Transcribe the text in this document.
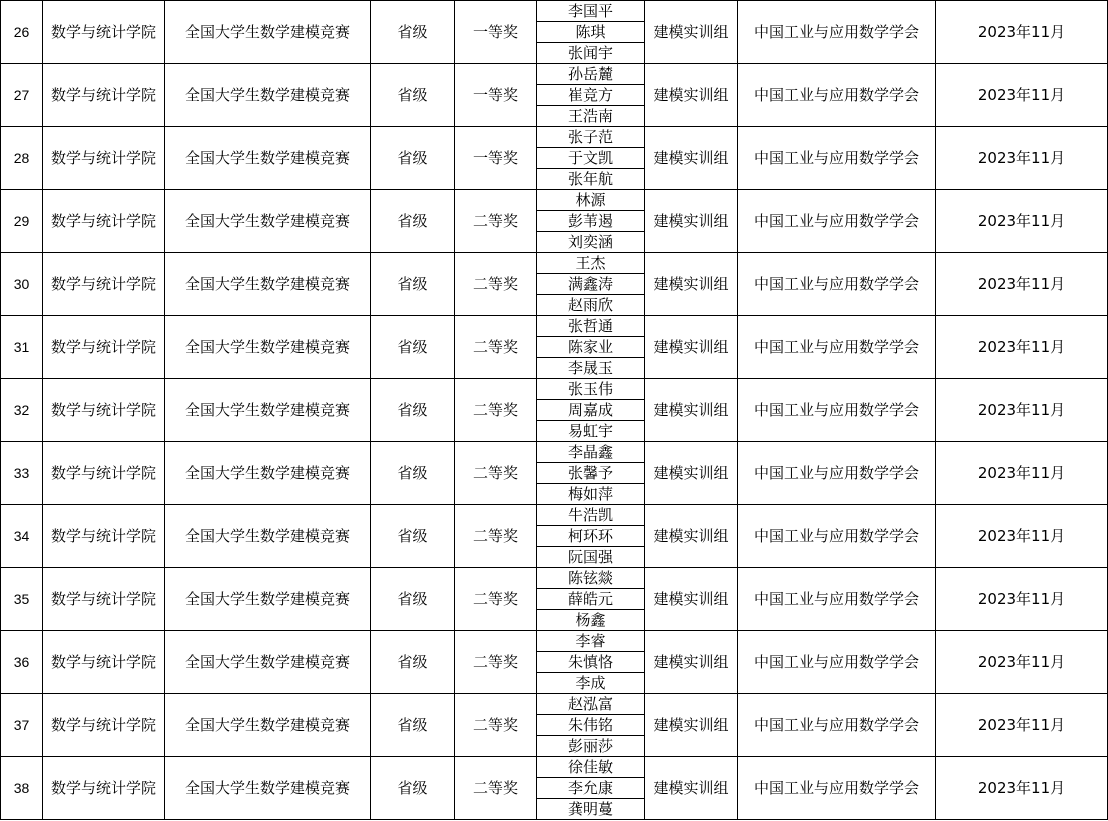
26	数学与统计学院	全国大学生数学建模竞赛	省级	一等奖	李国平	建模实训组	中国工业与应用数学学会	2023年11月
					陈琪			
					张闻宇			
27	数学与统计学院	全国大学生数学建模竞赛	省级	一等奖	孙岳麓	建模实训组	中国工业与应用数学学会	2023年11月
					崔竞方			
					王浩南			
28	数学与统计学院	全国大学生数学建模竞赛	省级	一等奖	张子范	建模实训组	中国工业与应用数学学会	2023年11月
					于文凯			
					张年航			
29	数学与统计学院	全国大学生数学建模竞赛	省级	二等奖	林源	建模实训组	中国工业与应用数学学会	2023年11月
					彭苇遏			
					刘奕涵			
30	数学与统计学院	全国大学生数学建模竞赛	省级	二等奖	王杰	建模实训组	中国工业与应用数学学会	2023年11月
					满鑫涛			
					赵雨欣			
31	数学与统计学院	全国大学生数学建模竞赛	省级	二等奖	张哲通	建模实训组	中国工业与应用数学学会	2023年11月
					陈家业			
					李晟玉			
32	数学与统计学院	全国大学生数学建模竞赛	省级	二等奖	张玉伟	建模实训组	中国工业与应用数学学会	2023年11月
					周嘉成			
					易虹宇			
33	数学与统计学院	全国大学生数学建模竞赛	省级	二等奖	李晶鑫	建模实训组	中国工业与应用数学学会	2023年11月
					张馨予			
					梅如萍			
34	数学与统计学院	全国大学生数学建模竞赛	省级	二等奖	牛浩凯	建模实训组	中国工业与应用数学学会	2023年11月
					柯环环			
					阮国强			
35	数学与统计学院	全国大学生数学建模竞赛	省级	二等奖	陈铉燚	建模实训组	中国工业与应用数学学会	2023年11月
					薛皓元			
					杨鑫			
36	数学与统计学院	全国大学生数学建模竞赛	省级	二等奖	李睿	建模实训组	中国工业与应用数学学会	2023年11月
					朱慎恪			
					李成			
37	数学与统计学院	全国大学生数学建模竞赛	省级	二等奖	赵泓富	建模实训组	中国工业与应用数学学会	2023年11月
					朱伟铭			
					彭丽莎			
38	数学与统计学院	全国大学生数学建模竞赛	省级	二等奖	徐佳敏	建模实训组	中国工业与应用数学学会	2023年11月
					李允康			
					龚明蔓			
